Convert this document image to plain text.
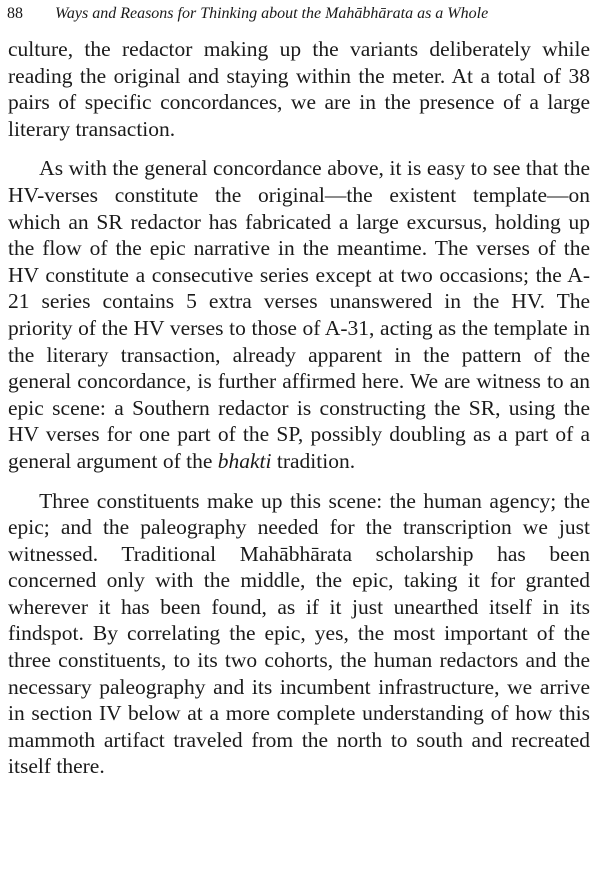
88 Ways and Reasons for Thinking about the Mahābhārata as a Whole

culture, the redactor making up the variants deliberately while reading the original and staying within the meter. At a total of 38 pairs of specific concordances, we are in the presence of a large literary transaction.

As with the general concordance above, it is easy to see that the HV-verses constitute the original—the existent template—on which an SR redactor has fabricated a large excursus, holding up the flow of the epic narrative in the meantime. The verses of the HV constitute a consecutive series except at two occasions; the A-21 series contains 5 extra verses unanswered in the HV. The priority of the HV verses to those of A-31, acting as the template in the literary transaction, already apparent in the pattern of the general concordance, is further affirmed here. We are witness to an epic scene: a Southern redactor is constructing the SR, using the HV verses for one part of the SP, possibly doubling as a part of a general argument of the bhakti tradition.

Three constituents make up this scene: the human agency; the epic; and the paleography needed for the transcription we just witnessed. Traditional Mahābhārata scholarship has been concerned only with the middle, the epic, taking it for granted wherever it has been found, as if it just unearthed itself in its findspot. By correlating the epic, yes, the most important of the three constituents, to its two cohorts, the human redactors and the necessary paleography and its incumbent infrastructure, we arrive in section IV below at a more complete understanding of how this mammoth artifact traveled from the north to south and recreated itself there.
